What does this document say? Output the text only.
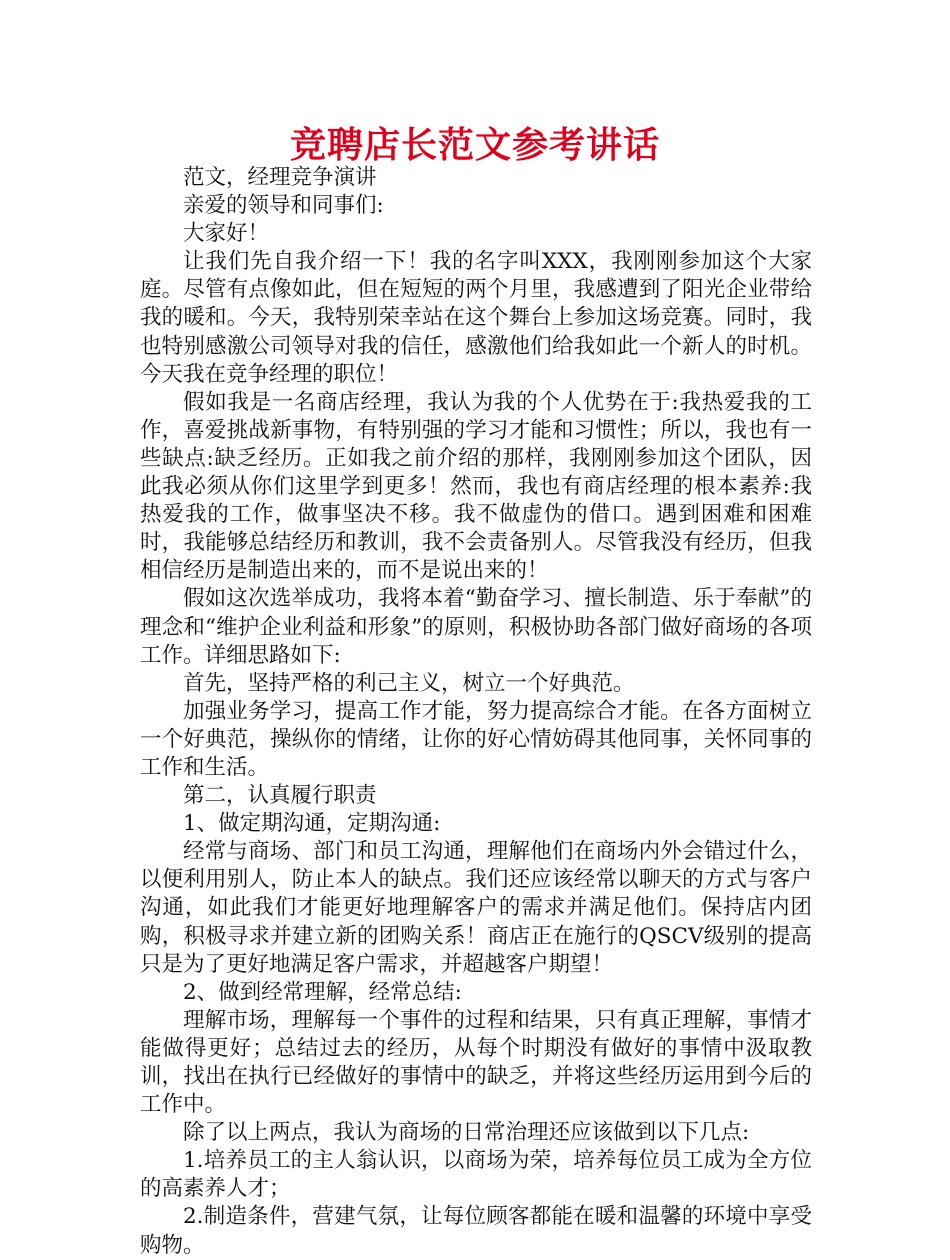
竞聘店长范文参考讲话

范文，经理竞争演讲

亲爱的领导和同事们:

大家好！

让我们先自我介绍一下！我的名字叫XXX，我刚刚参加这个大家庭。尽管有点像如此，但在短短的两个月里，我感遭到了阳光企业带给我的暖和。今天，我特别荣幸站在这个舞台上参加这场竞赛。同时，我也特别感激公司领导对我的信任，感激他们给我如此一个新人的时机。今天我在竞争经理的职位！

假如我是一名商店经理，我认为我的个人优势在于:我热爱我的工作，喜爱挑战新事物，有特别强的学习才能和习惯性；所以，我也有一些缺点:缺乏经历。正如我之前介绍的那样，我刚刚参加这个团队，因此我必须从你们这里学到更多！然而，我也有商店经理的根本素养:我热爱我的工作，做事坚决不移。我不做虚伪的借口。遇到困难和困难时，我能够总结经历和教训，我不会责备别人。尽管我没有经历，但我相信经历是制造出来的，而不是说出来的！

假如这次选举成功，我将本着“勤奋学习、擅长制造、乐于奉献”的理念和“维护企业利益和形象”的原则，积极协助各部门做好商场的各项工作。详细思路如下:

首先，坚持严格的利己主义，树立一个好典范。

加强业务学习，提高工作才能，努力提高综合才能。在各方面树立一个好典范，操纵你的情绪，让你的好心情妨碍其他同事，关怀同事的工作和生活。

第二，认真履行职责

1、做定期沟通，定期沟通:

经常与商场、部门和员工沟通，理解他们在商场内外会错过什么，以便利用别人，防止本人的缺点。我们还应该经常以聊天的方式与客户沟通，如此我们才能更好地理解客户的需求并满足他们。保持店内团购，积极寻求并建立新的团购关系！商店正在施行的QSCV级别的提高只是为了更好地满足客户需求，并超越客户期望！

2、做到经常理解，经常总结:

理解市场，理解每一个事件的过程和结果，只有真正理解，事情才能做得更好；总结过去的经历，从每个时期没有做好的事情中汲取教训，找出在执行已经做好的事情中的缺乏，并将这些经历运用到今后的工作中。

除了以上两点，我认为商场的日常治理还应该做到以下几点:

1.培养员工的主人翁认识，以商场为荣，培养每位员工成为全方位的高素养人才；

2.制造条件，营建气氛，让每位顾客都能在暖和温馨的环境中享受购物。
